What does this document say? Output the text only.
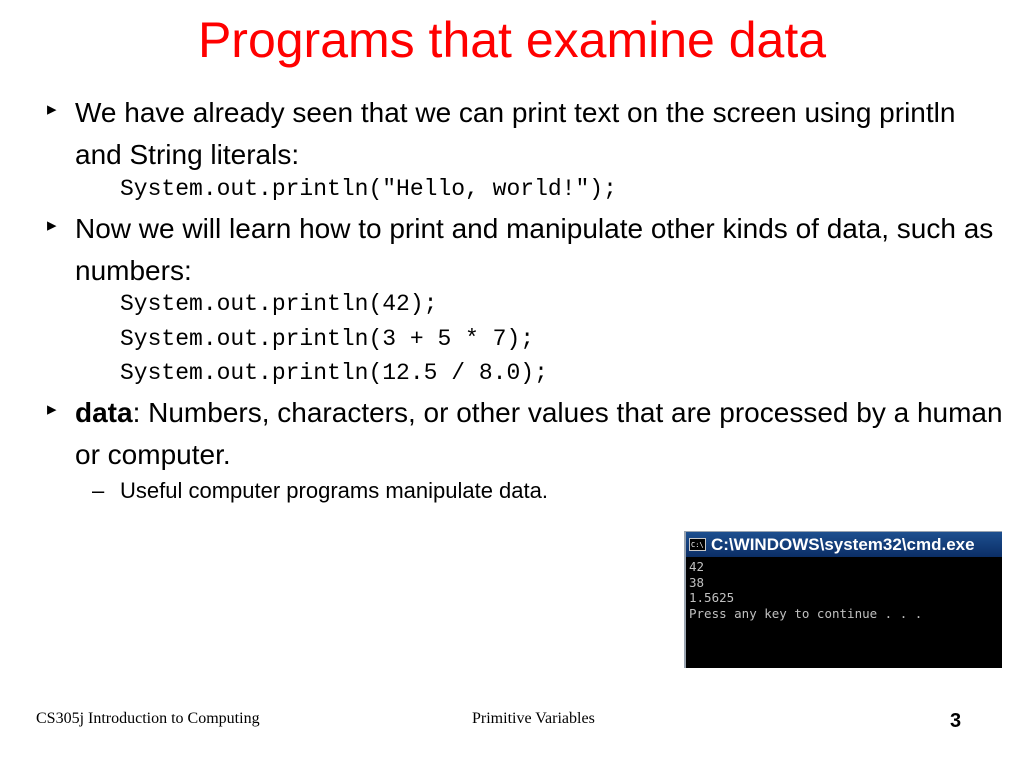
Programs that examine data
▸ We have already seen that we can print text on the screen using println and String literals:
System.out.println("Hello, world!");
▸ Now we will learn how to print and manipulate other kinds of data, such as numbers:
System.out.println(42);
System.out.println(3 + 5 * 7);
System.out.println(12.5 / 8.0);
▸ data: Numbers, characters, or other values that are processed by a human or computer.
– Useful computer programs manipulate data.
C:\ C:\WINDOWS\system32\cmd.exe
42
38
1.5625
Press any key to continue . . .
CS305j Introduction to Computing	Primitive Variables	3
